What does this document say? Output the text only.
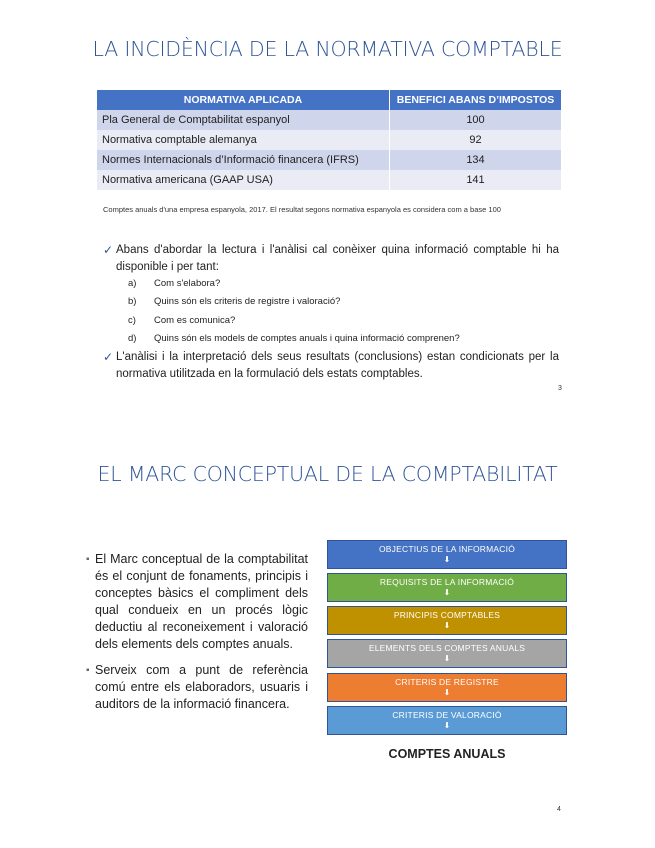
LA INCIDÈNCIA DE LA NORMATIVA COMPTABLE
NORMATIVA APLICADA	BENEFICI ABANS D’IMPOSTOS
Pla General de Comptabilitat espanyol	100
Normativa comptable alemanya	92
Normes Internacionals d’Informació financera (IFRS)	134
Normativa americana (GAAP USA)	141
Comptes anuals d'una empresa espanyola, 2017. El resultat segons normativa espanyola es considera com a base 100
✓ Abans d'abordar la lectura i l'anàlisi cal conèixer quina informació comptable hi ha disponible i per tant:
a) Com s'elabora?
b) Quins són els criteris de registre i valoració?
c) Com es comunica?
d) Quins són els models de comptes anuals i quina informació comprenen?
✓ L'anàlisi i la interpretació dels seus resultats (conclusions) estan condicionats per la normativa utilitzada en la formulació dels estats comptables.
3
EL MARC CONCEPTUAL DE LA COMPTABILITAT
▪ El Marc conceptual de la comptabilitat és el conjunt de fonaments, principis i conceptes bàsics el compliment dels qual condueix en un procés lògic deductiu al reconeixement i valoració dels elements dels comptes anuals.
▪ Serveix com a punt de referència comú entre els elaboradors, usuaris i auditors de la informació financera.
OBJECTIUS DE LA INFORMACIÓ
⬇
REQUISITS DE LA INFORMACIÓ
⬇
PRINCIPIS COMPTABLES
⬇
ELEMENTS DELS COMPTES ANUALS
⬇
CRITERIS DE REGISTRE
⬇
CRITERIS DE VALORACIÓ
⬇
COMPTES ANUALS
4
